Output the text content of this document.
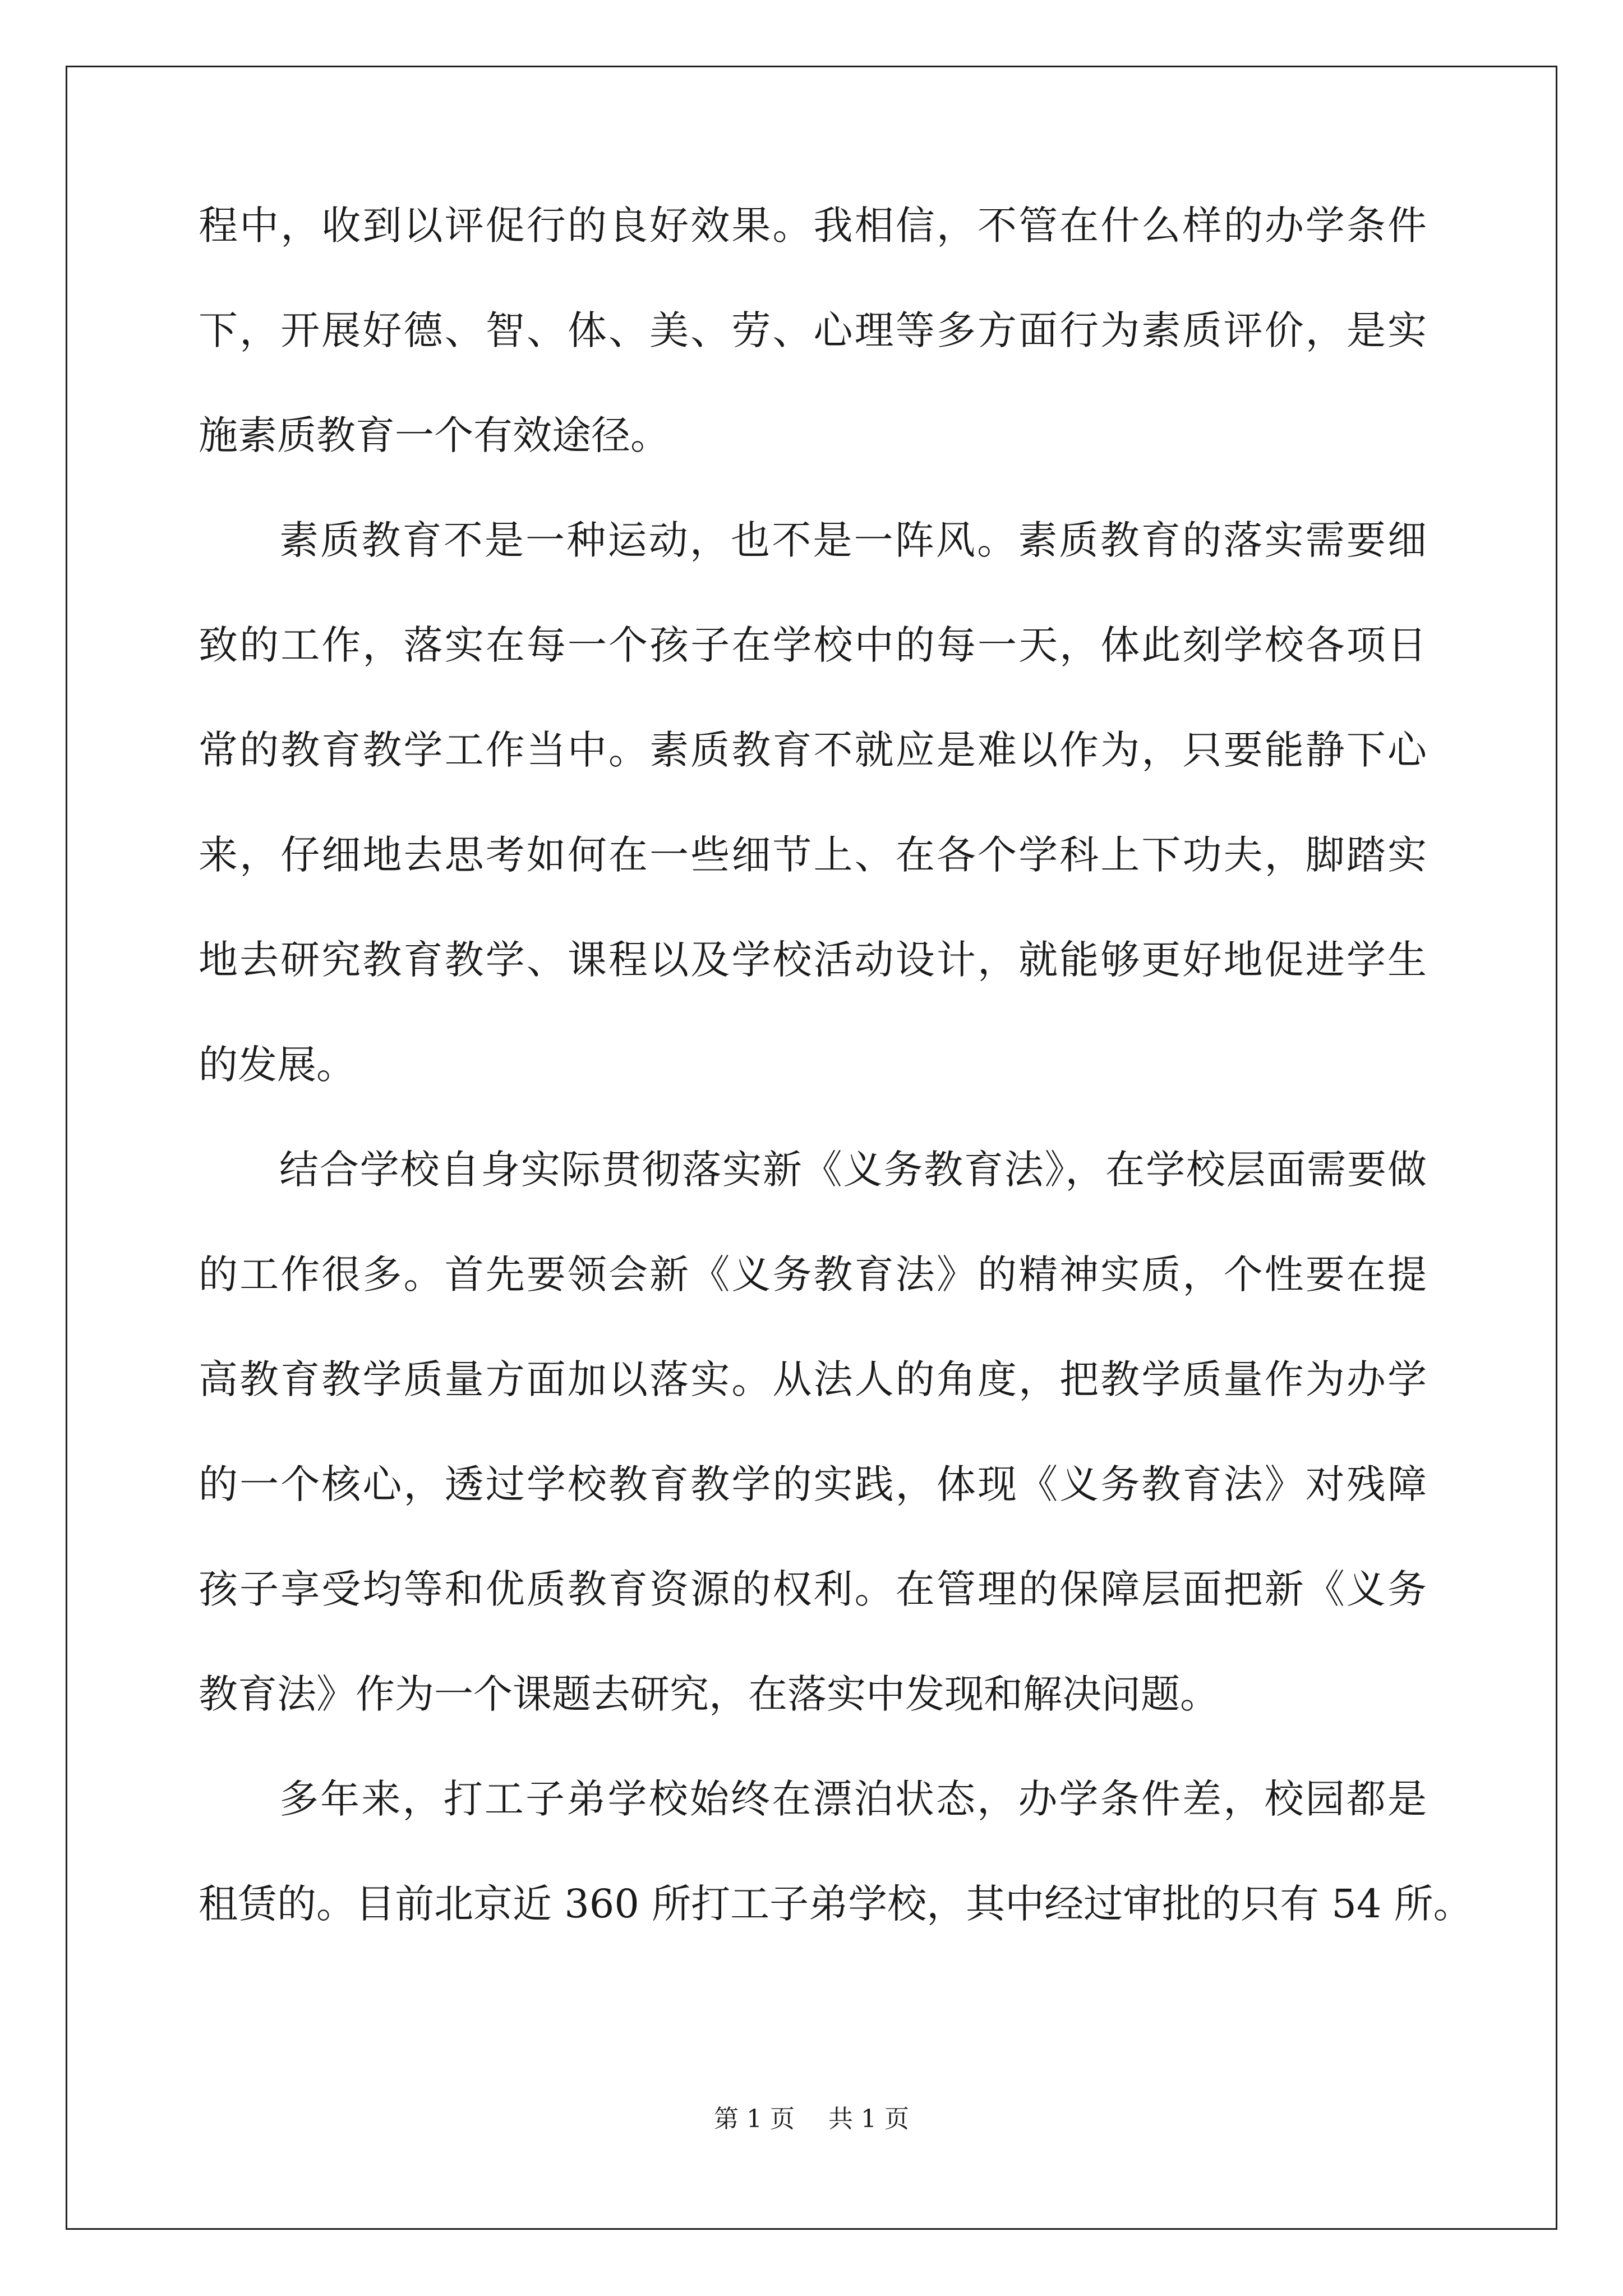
程中，收到以评促行的良好效果。我相信，不管在什么样的办学条件
下，开展好德、智、体、美、劳、心理等多方面行为素质评价，是实
施素质教育一个有效途径。
素质教育不是一种运动，也不是一阵风。素质教育的落实需要细
致的工作，落实在每一个孩子在学校中的每一天，体此刻学校各项日
常的教育教学工作当中。素质教育不就应是难以作为，只要能静下心
来，仔细地去思考如何在一些细节上、在各个学科上下功夫，脚踏实
地去研究教育教学、课程以及学校活动设计，就能够更好地促进学生
的发展。
结合学校自身实际贯彻落实新《义务教育法》，在学校层面需要做
的工作很多。首先要领会新《义务教育法》的精神实质，个性要在提
高教育教学质量方面加以落实。从法人的角度，把教学质量作为办学
的一个核心，透过学校教育教学的实践，体现《义务教育法》对残障
孩子享受均等和优质教育资源的权利。在管理的保障层面把新《义务
教育法》作为一个课题去研究，在落实中发现和解决问题。
多年来，打工子弟学校始终在漂泊状态，办学条件差，校园都是
租赁的。目前北京近 360 所打工子弟学校，其中经过审批的只有 54 所。
第 1 页 共 1 页
